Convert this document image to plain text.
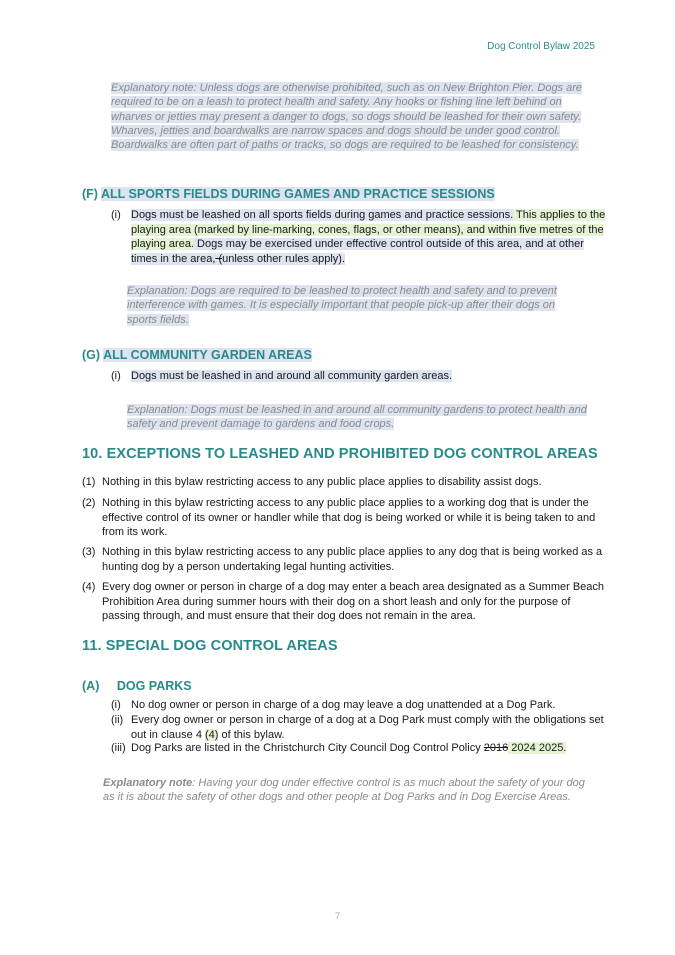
Dog Control Bylaw 2025
Explanatory note: Unless dogs are otherwise prohibited, such as on New Brighton Pier. Dogs are required to be on a leash to protect health and safety. Any hooks or fishing line left behind on wharves or jetties may present a danger to dogs, so dogs should be leashed for their own safety. Wharves, jetties and boardwalks are narrow spaces and dogs should be under good control. Boardwalks are often part of paths or tracks, so dogs are required to be leashed for consistency.
(F) ALL SPORTS FIELDS DURING GAMES AND PRACTICE SESSIONS
(i) Dogs must be leashed on all sports fields during games and practice sessions. This applies to the playing area (marked by line-marking, cones, flags, or other means), and within five metres of the playing area. Dogs may be exercised under effective control outside of this area, and at other times in the area, (unless other rules apply).
Explanation: Dogs are required to be leashed to protect health and safety and to prevent interference with games. It is especially important that people pick-up after their dogs on sports fields.
(G) ALL COMMUNITY GARDEN AREAS
(i) Dogs must be leashed in and around all community garden areas.
Explanation: Dogs must be leashed in and around all community gardens to protect health and safety and prevent damage to gardens and food crops.
10. EXCEPTIONS TO LEASHED AND PROHIBITED DOG CONTROL AREAS
(1) Nothing in this bylaw restricting access to any public place applies to disability assist dogs.
(2) Nothing in this bylaw restricting access to any public place applies to a working dog that is under the effective control of its owner or handler while that dog is being worked or while it is being taken to and from its work.
(3) Nothing in this bylaw restricting access to any public place applies to any dog that is being worked as a hunting dog by a person undertaking legal hunting activities.
(4) Every dog owner or person in charge of a dog may enter a beach area designated as a Summer Beach Prohibition Area during summer hours with their dog on a short leash and only for the purpose of passing through, and must ensure that their dog does not remain in the area.
11. SPECIAL DOG CONTROL AREAS
(A) DOG PARKS
(i) No dog owner or person in charge of a dog may leave a dog unattended at a Dog Park.
(ii) Every dog owner or person in charge of a dog at a Dog Park must comply with the obligations set out in clause 4 (4) of this bylaw.
(iii) Dog Parks are listed in the Christchurch City Council Dog Control Policy 2016 2024 2025.
Explanatory note: Having your dog under effective control is as much about the safety of your dog as it is about the safety of other dogs and other people at Dog Parks and in Dog Exercise Areas.
7
